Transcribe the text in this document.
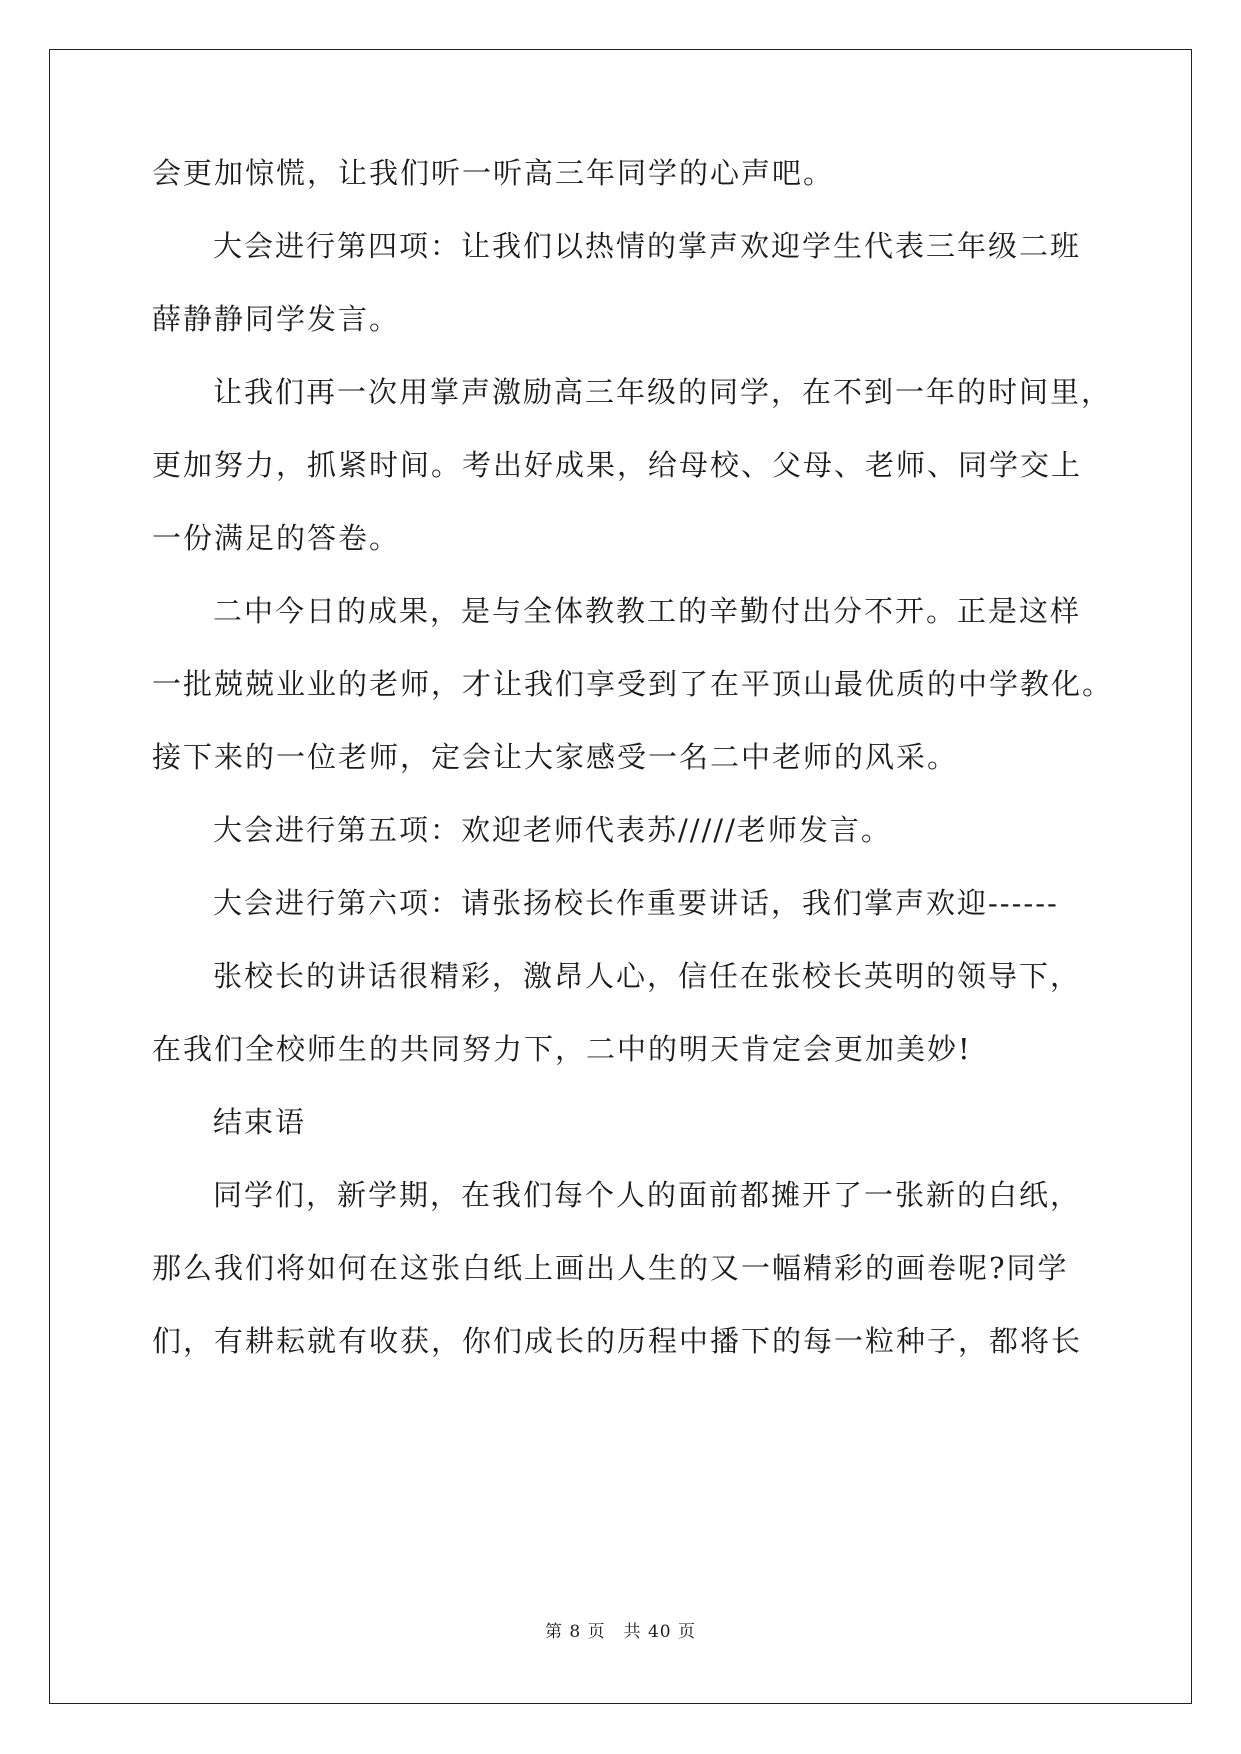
会更加惊慌，让我们听一听高三年同学的心声吧。
大会进行第四项：让我们以热情的掌声欢迎学生代表三年级二班
薛静静同学发言。
让我们再一次用掌声激励高三年级的同学，在不到一年的时间里，
更加努力，抓紧时间。考出好成果，给母校、父母、老师、同学交上
一份满足的答卷。
二中今日的成果，是与全体教教工的辛勤付出分不开。正是这样
一批兢兢业业的老师，才让我们享受到了在平顶山最优质的中学教化。
接下来的一位老师，定会让大家感受一名二中老师的风采。
大会进行第五项：欢迎老师代表苏/////老师发言。
大会进行第六项：请张扬校长作重要讲话，我们掌声欢迎------
张校长的讲话很精彩，激昂人心，信任在张校长英明的领导下，
在我们全校师生的共同努力下，二中的明天肯定会更加美妙!
结束语
同学们，新学期，在我们每个人的面前都摊开了一张新的白纸，
那么我们将如何在这张白纸上画出人生的又一幅精彩的画卷呢?同学
们，有耕耘就有收获，你们成长的历程中播下的每一粒种子，都将长
第 8 页　共 40 页
